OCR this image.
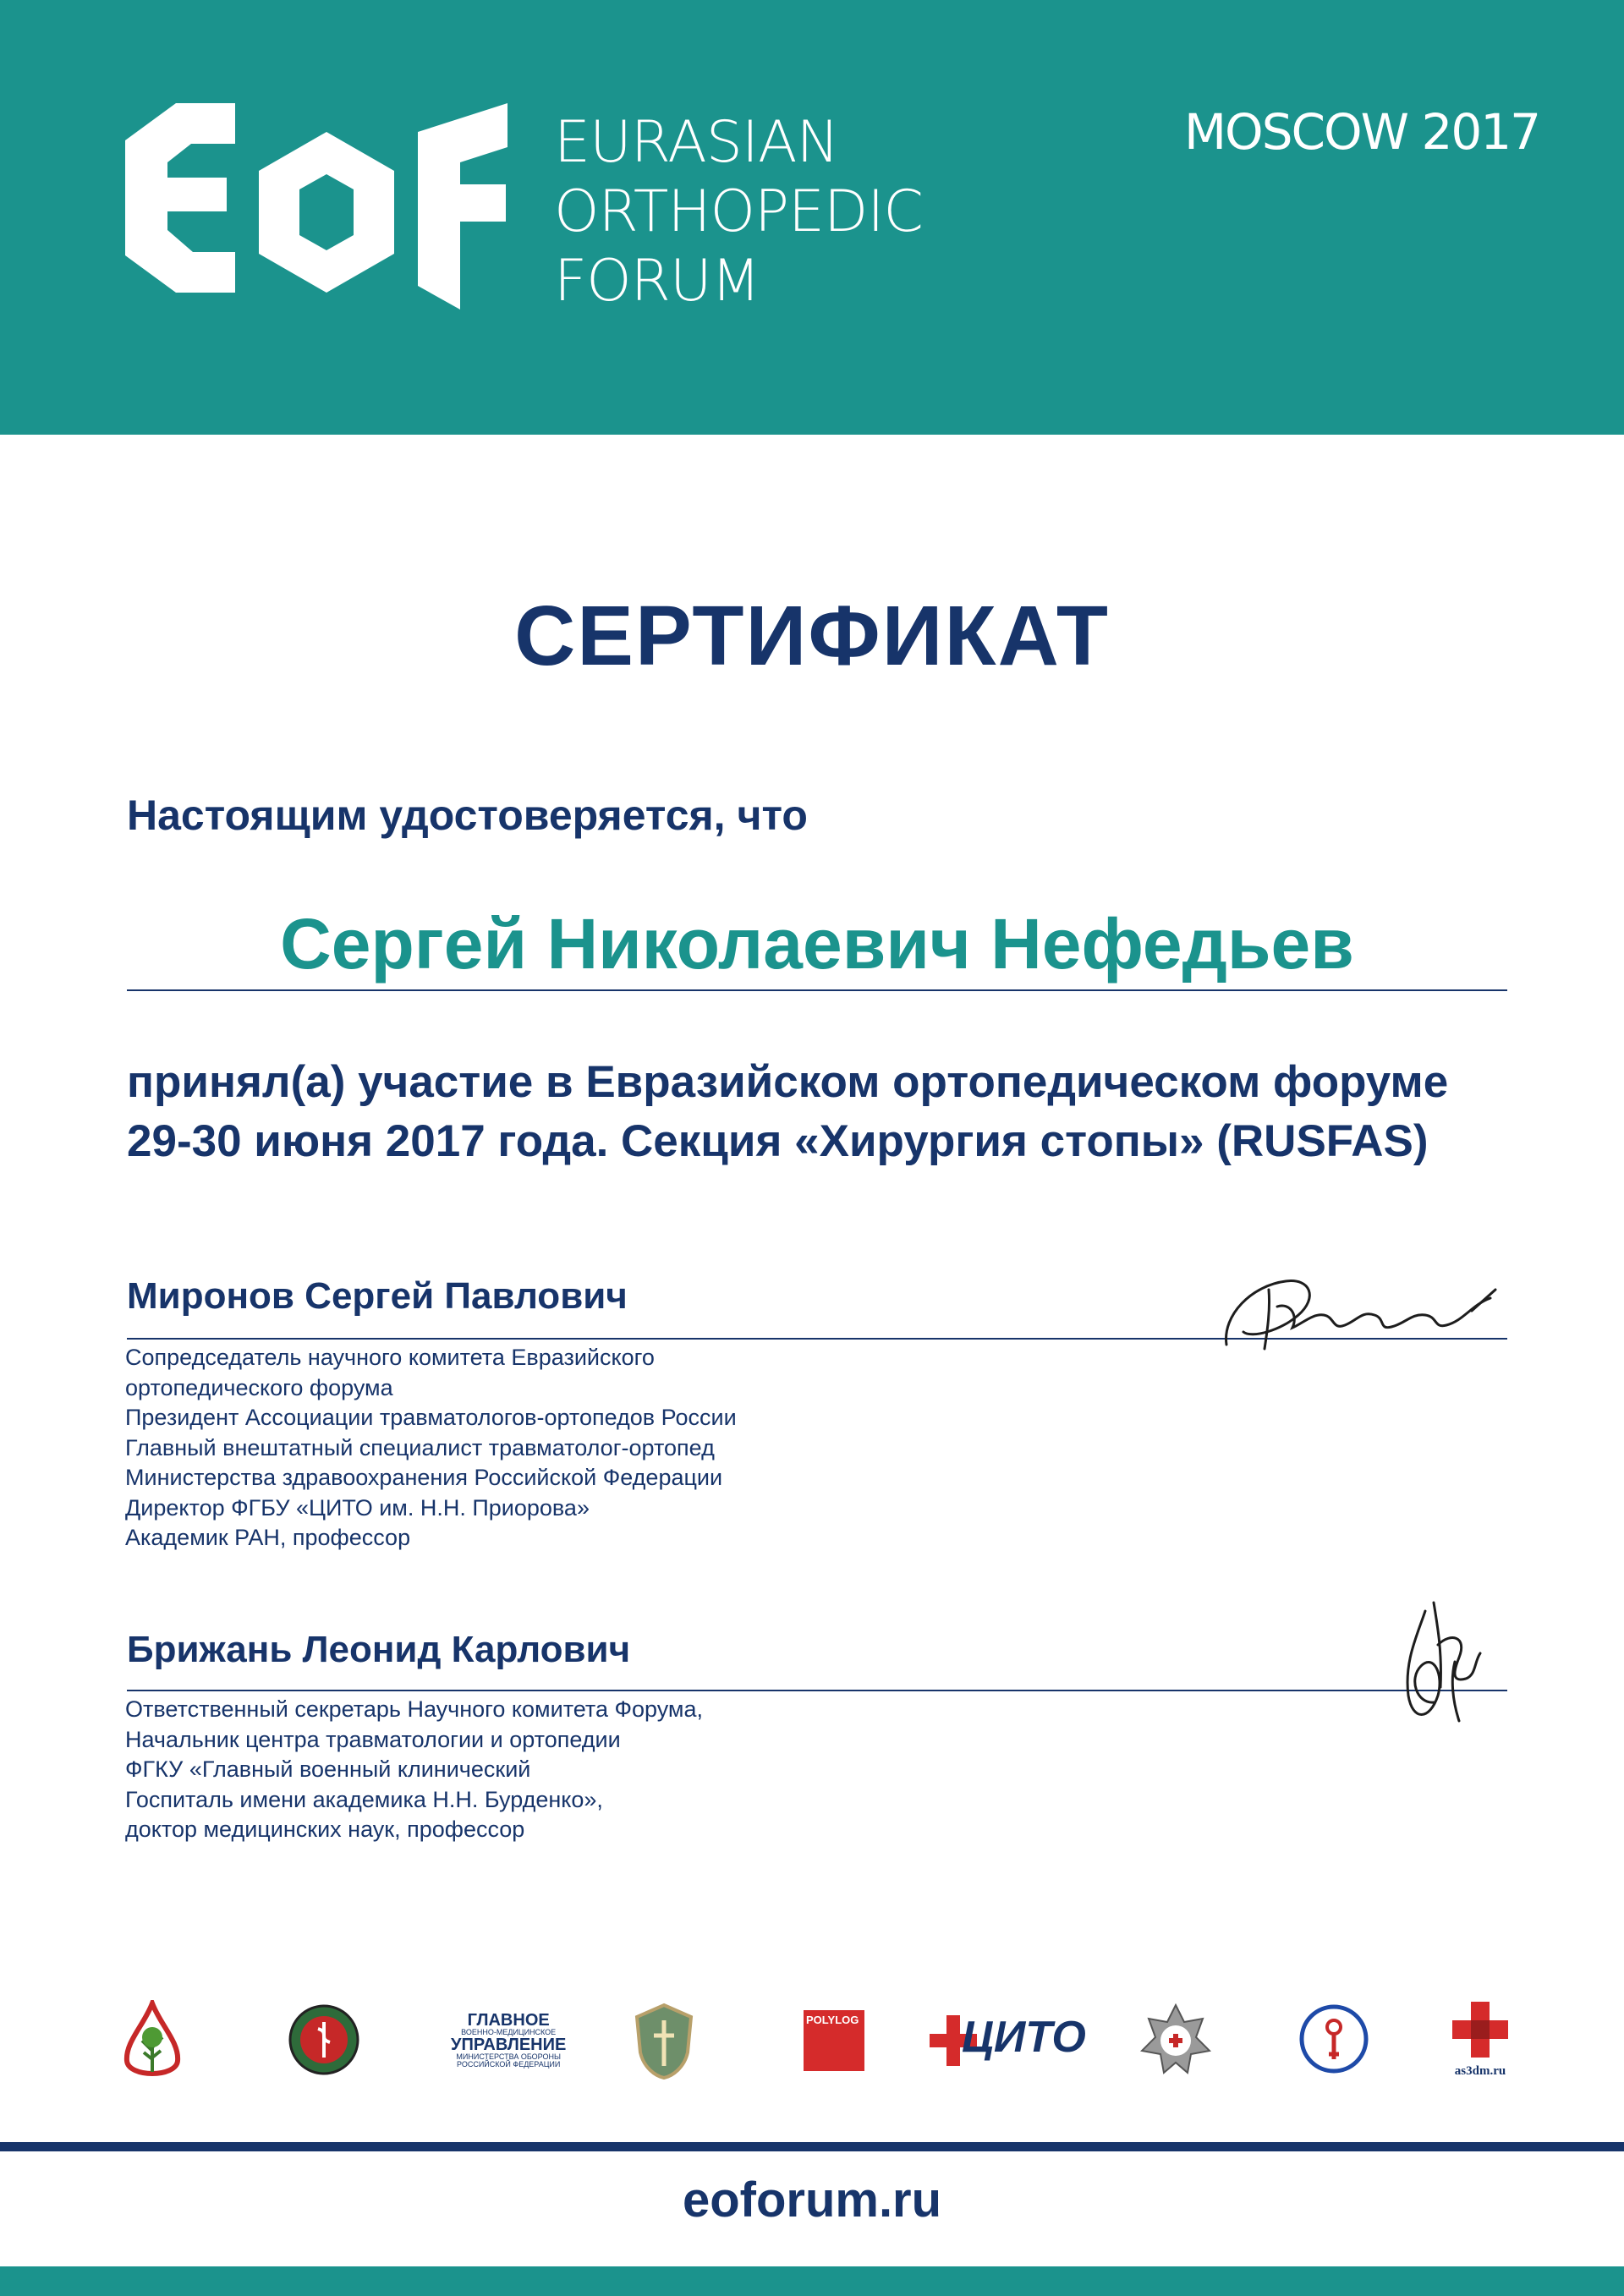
EURASIAN
ORTHOPEDIC
FORUM
MOSCOW 2017
СЕРТИФИКАТ
Настоящим удостоверяется, что
Сергей Николаевич Нефедьев
принял(а) участие в Евразийском ортопедическом форуме
29-30 июня 2017 года. Секция «Хирургия стопы» (RUSFAS)
Миронов Сергей Павлович
Сопредседатель научного комитета Евразийского
ортопедического форума
Президент Ассоциации травматологов-ортопедов России
Главный внештатный специалист травматолог-ортопед
Министерства здравоохранения Российской Федерации
Директор ФГБУ «ЦИТО им. Н.Н. Приорова»
Академик РАН, профессор
Брижань Леонид Карлович
Ответственный секретарь Научного комитета Форума,
Начальник центра травматологии и ортопедии
ФГКУ «Главный военный клинический
Госпиталь имени академика Н.Н. Бурденко»,
доктор медицинских наук, профессор
ГЛАВНОЕ
ВОЕННО-МЕДИЦИНСКОЕ
УПРАВЛЕНИЕ
МИНИСТЕРСТВА ОБОРОНЫ
РОССИЙСКОЙ ФЕДЕРАЦИИ
POLYLOG ЦИТО
as3dm.ru
eoforum.ru
